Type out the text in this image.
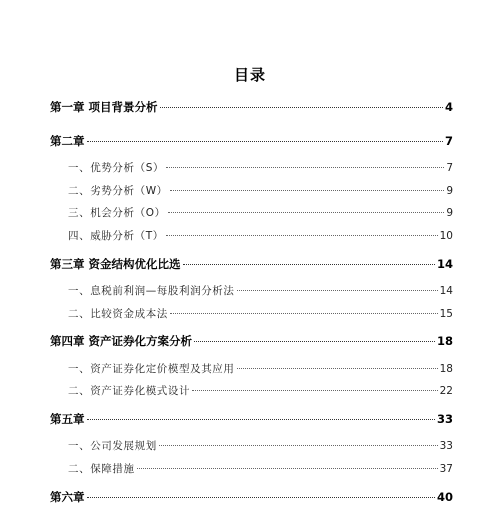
目录
第一章 项目背景分析	4
第二章	7
一、优势分析（S）	7
二、劣势分析（W）	9
三、机会分析（O）	9
四、威胁分析（T）	10
第三章 资金结构优化比选	14
一、息税前利润—每股利润分析法	14
二、比较资金成本法	15
第四章 资产证券化方案分析	18
一、资产证券化定价模型及其应用	18
二、资产证券化模式设计	22
第五章	33
一、公司发展规划	33
二、保障措施	37
第六章	40
